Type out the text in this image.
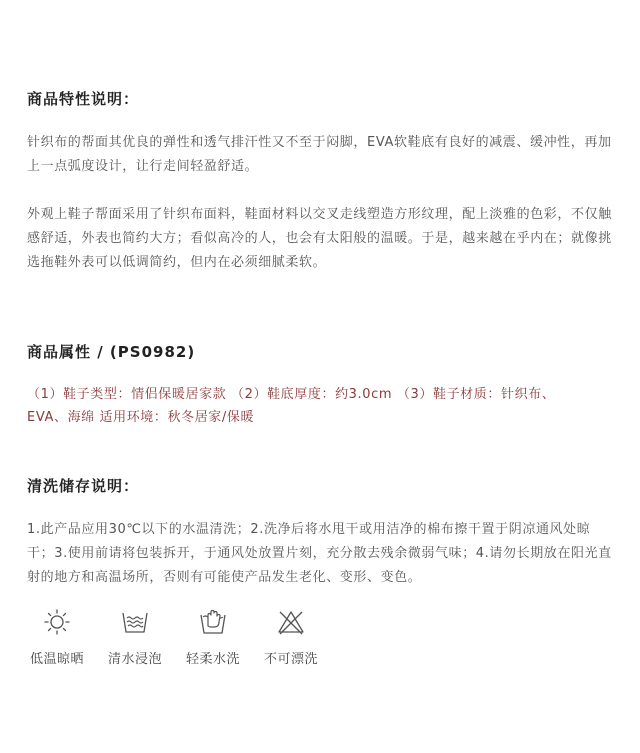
商品特性说明：

针织布的帮面其优良的弹性和透气排汗性又不至于闷脚，EVA软鞋底有良好的减震、缓冲性，再加上一点弧度设计，让行走间轻盈舒适。

外观上鞋子帮面采用了针织布面料，鞋面材料以交叉走线塑造方形纹理，配上淡雅的色彩，不仅触感舒适，外表也简约大方；看似高冷的人，也会有太阳般的温暖。于是，越来越在乎内在；就像挑选拖鞋外表可以低调简约，但内在必须细腻柔软。

商品属性 / (PS0982)

（1）鞋子类型：情侣保暖居家款 （2）鞋底厚度：约3.0cm （3）鞋子材质：针织布、

EVA、海绵 适用环境：秋冬居家/保暖

清洗储存说明：

1.此产品应用30℃以下的水温清洗；2.洗净后将水甩干或用洁净的棉布擦干置于阴凉通风处晾干；3.使用前请将包装拆开，于通风处放置片刻，充分散去残余微弱气味；4.请勿长期放在阳光直射的地方和高温场所，否则有可能使产品发生老化、变形、变色。

低温晾晒	清水浸泡	轻柔水洗	不可漂洗
